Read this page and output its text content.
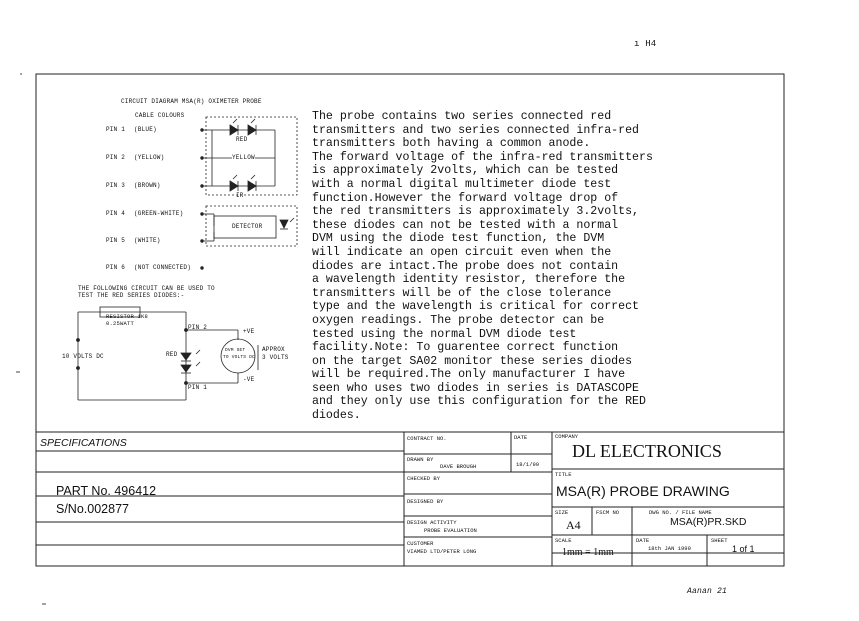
ı H4
Aanan 21
CIRCUIT DIAGRAM MSA(R) OXIMETER PROBE
CABLE COLOURS
PIN 1 (BLUE)
PIN 2 (YELLOW)
PIN 3 (BROWN)
PIN 4 (GREEN-WHITE)
PIN 5 (WHITE)
PIN 6 (NOT CONNECTED)
RED
IR
YELLOW
DETECTOR
THE FOLLOWING CIRCUIT CAN BE USED TO
TEST THE RED SERIES DIODES:-
RESISTOR 1K8
0.25WATT
10 VOLTS DC	RED
PIN 2
PIN 1
DVM SET
TO VOLTS DC
APPROX
3 VOLTS
+VE
-VE
The probe contains two series connected red
transmitters and two series connected infra-red
transmitters both having a common anode.
The forward voltage of the infra-red transmitters
is approximately 2volts, which can be tested
with a normal digital multimeter diode test
function.However the forward voltage drop of
the red transmitters is approximately 3.2volts,
these diodes can not be tested with a normal
DVM using the diode test function, the DVM
will indicate an open circuit even when the
diodes are intact.The probe does not contain
a wavelength identity resistor, therefore the
transmitters will be of the close tolerance
type and the wavelength is critical for correct
oxygen readings. The probe detector can be
tested using the normal DVM diode test
facility.Note: To guarentee correct function
on the target SA02 monitor these series diodes
will be required.The only manufacturer I have
seen who uses two diodes in series is DATASCOPE
and they only use this configuration for the RED
diodes.
SPECIFICATIONS
PART No. 496412
S/No.002877
CONTRACT NO.	DATE
DRAWN BY
DAVE BROUGH	18/1/99
CHECKED BY
DESIGNED BY
DESIGN ACTIVITY
PROBE EVALUATION
CUSTOMER
VIAMED LTD/PETER LONG
COMPANY
DL ELECTRONICS
TITLE
MSA(R) PROBE DRAWING
SIZE
A4
FSCM NO	DWG NO. / FILE NAME
MSA(R)PR.SKD
SCALE
1mm = 1mm
DATE
18th JAN 1999
SHEET
1 of 1
